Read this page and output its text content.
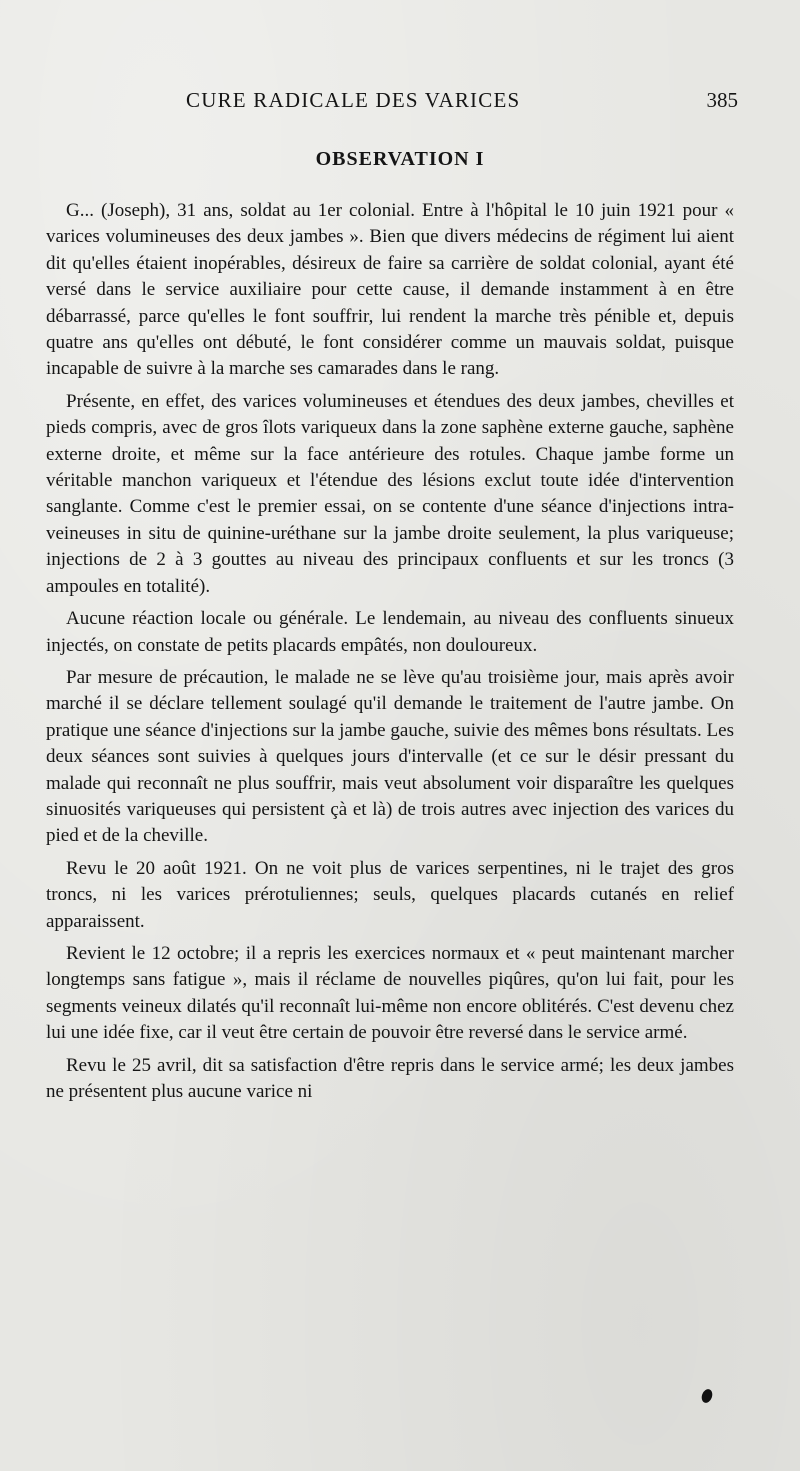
CURE RADICALE DES VARICES	385
OBSERVATION I

G... (Joseph), 31 ans, soldat au 1er colonial. Entre à l'hôpital le 10 juin 1921 pour « varices volumineuses des deux jambes ». Bien que divers médecins de régiment lui aient dit qu'elles étaient inopérables, désireux de faire sa carrière de soldat colonial, ayant été versé dans le service auxiliaire pour cette cause, il demande instamment à en être débarrassé, parce qu'elles le font souffrir, lui rendent la marche très pénible et, depuis quatre ans qu'elles ont débuté, le font considérer comme un mauvais soldat, puisque incapable de suivre à la marche ses camarades dans le rang.

Présente, en effet, des varices volumineuses et étendues des deux jambes, chevilles et pieds compris, avec de gros îlots variqueux dans la zone saphène externe gauche, saphène externe droite, et même sur la face antérieure des rotules. Chaque jambe forme un véritable manchon variqueux et l'étendue des lésions exclut toute idée d'intervention sanglante. Comme c'est le premier essai, on se contente d'une séance d'injections intraveineuses in situ de quinine-uréthane sur la jambe droite seulement, la plus variqueuse; injections de 2 à 3 gouttes au niveau des principaux confluents et sur les troncs (3 ampoules en totalité).

Aucune réaction locale ou générale. Le lendemain, au niveau des confluents sinueux injectés, on constate de petits placards empâtés, non douloureux.

Par mesure de précaution, le malade ne se lève qu'au troisième jour, mais après avoir marché il se déclare tellement soulagé qu'il demande le traitement de l'autre jambe. On pratique une séance d'injections sur la jambe gauche, suivie des mêmes bons résultats. Les deux séances sont suivies à quelques jours d'intervalle (et ce sur le désir pressant du malade qui reconnaît ne plus souffrir, mais veut absolument voir disparaître les quelques sinuosités variqueuses qui persistent çà et là) de trois autres avec injection des varices du pied et de la cheville.

Revu le 20 août 1921. On ne voit plus de varices serpentines, ni le trajet des gros troncs, ni les varices prérotuliennes; seuls, quelques placards cutanés en relief apparaissent.

Revient le 12 octobre; il a repris les exercices normaux et « peut maintenant marcher longtemps sans fatigue », mais il réclame de nouvelles piqûres, qu'on lui fait, pour les segments veineux dilatés qu'il reconnaît lui-même non encore oblitérés. C'est devenu chez lui une idée fixe, car il veut être certain de pouvoir être reversé dans le service armé.

Revu le 25 avril, dit sa satisfaction d'être repris dans le service armé; les deux jambes ne présentent plus aucune varice ni
